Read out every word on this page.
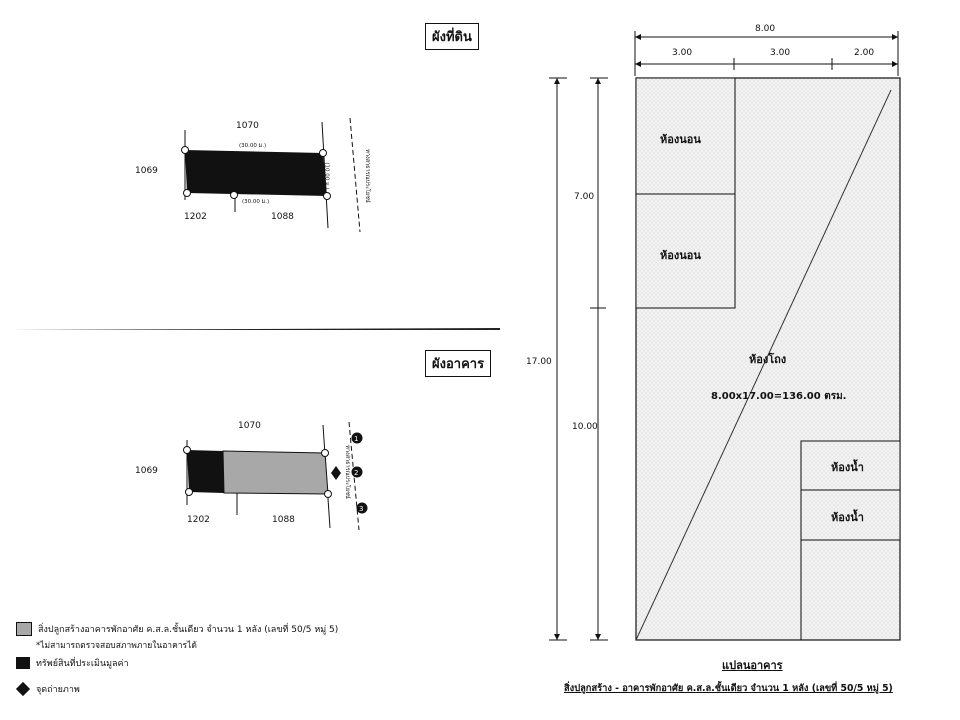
ผังที่ดิน
1070
1069
1202	1088
(30.00 ม.)
(30.00 ม.)
(10.00 ม.)	(10.00 ม.)	ทางสาธารณประโยชน์
ผังอาคาร
1
2
3
1070
1069
1202	1088
ทางสาธารณประโยชน์
สิ่งปลูกสร้างอาคารพักอาศัย ค.ส.ล.ชั้นเดียว จำนวน 1 หลัง (เลขที่ 50/5 หมู่ 5)
*ไม่สามารถตรวจสอบสภาพภายในอาคารได้
ทรัพย์สินที่ประเมินมูลค่า
จุดถ่ายภาพ
8.00
3.00	3.00	2.00
17.00
7.00
10.00
ห้องนอน
ห้องนอน
ห้องโถง
8.00x17.00=136.00 ตรม.
ห้องน้ำ
ห้องน้ำ
แปลนอาคาร
สิ่งปลูกสร้าง - อาคารพักอาศัย ค.ส.ล.ชั้นเดียว จำนวน 1 หลัง (เลขที่ 50/5 หมู่ 5)
